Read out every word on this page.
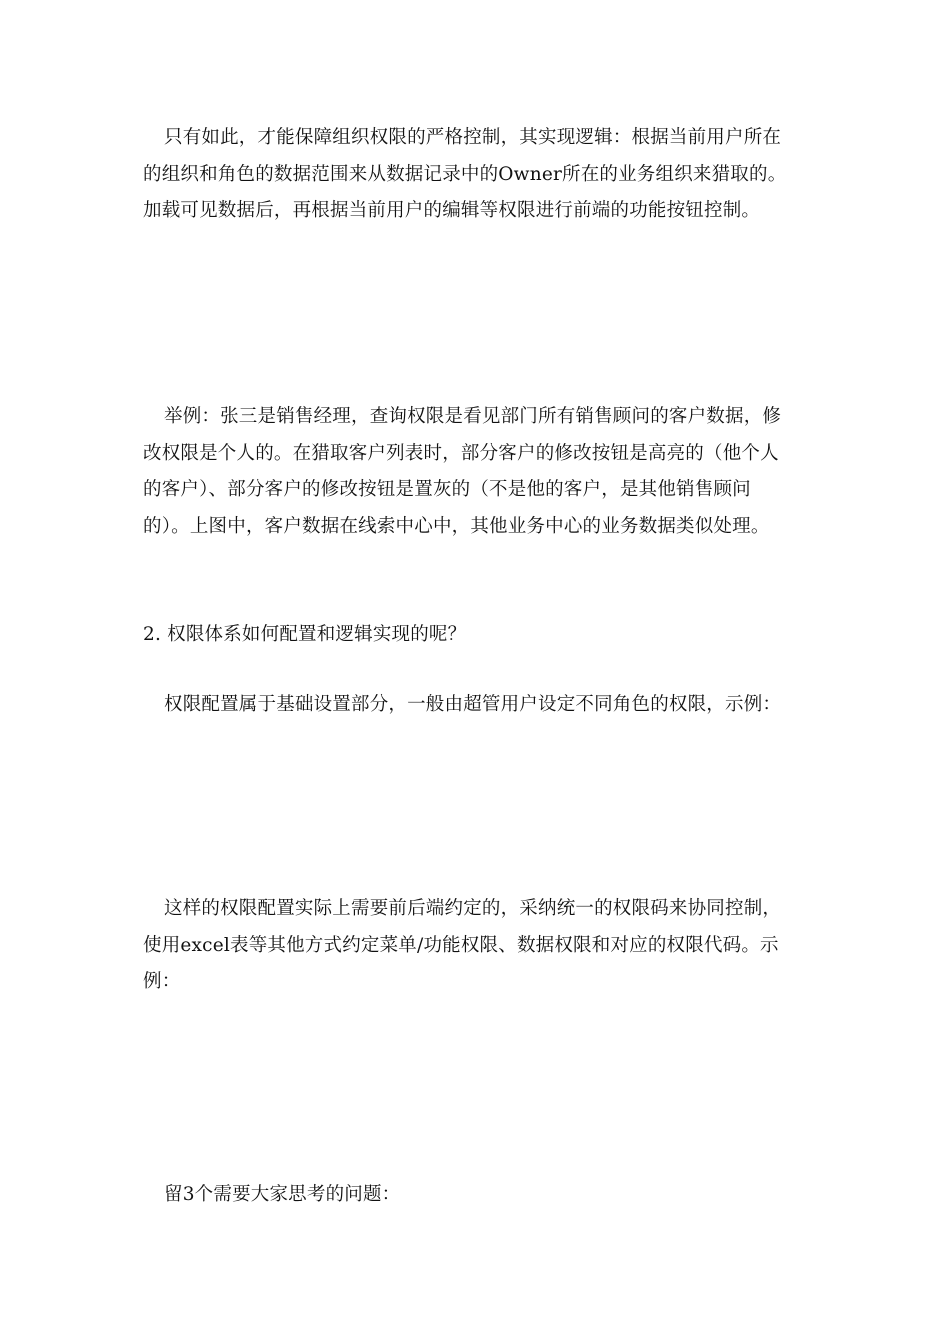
只有如此，才能保障组织权限的严格控制，其实现逻辑：根据当前用户所在
的组织和角色的数据范围来从数据记录中的Owner所在的业务组织来猎取的。
加载可见数据后，再根据当前用户的编辑等权限进行前端的功能按钮控制。

举例：张三是销售经理，查询权限是看见部门所有销售顾问的客户数据，修
改权限是个人的。在猎取客户列表时，部分客户的修改按钮是高亮的（他个人
的客户）、部分客户的修改按钮是置灰的（不是他的客户，是其他销售顾问
的）。上图中，客户数据在线索中心中，其他业务中心的业务数据类似处理。

2. 权限体系如何配置和逻辑实现的呢？

权限配置属于基础设置部分，一般由超管用户设定不同角色的权限，示例：

这样的权限配置实际上需要前后端约定的，采纳统一的权限码来协同控制，
使用excel表等其他方式约定菜单/功能权限、数据权限和对应的权限代码。示
例：

留3个需要大家思考的问题：
